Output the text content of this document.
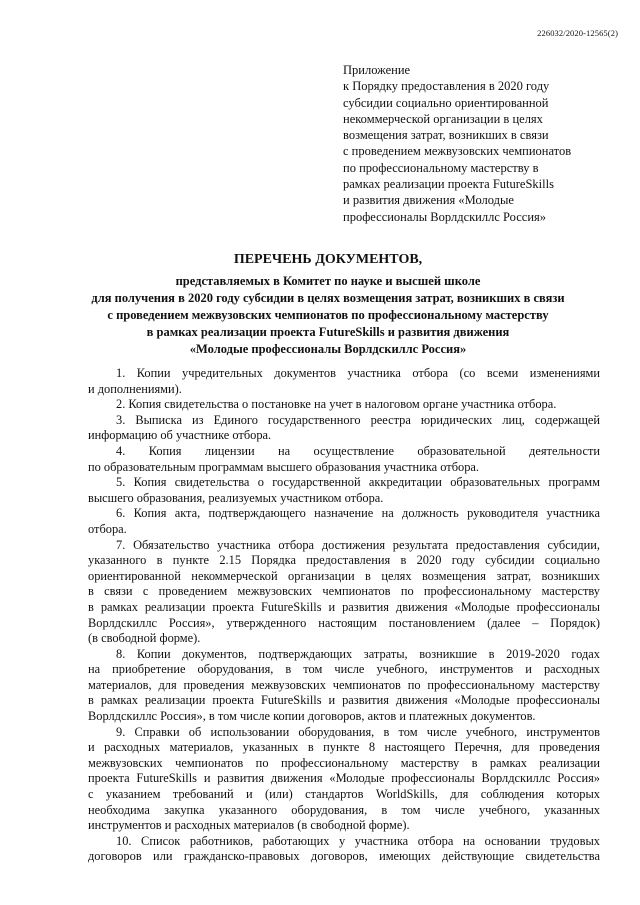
226032/2020-12565(2)
Приложение
к Порядку предоставления в 2020 году
субсидии социально ориентированной
некоммерческой организации в целях
возмещения затрат, возникших в связи
с проведением межвузовских чемпионатов
по профессиональному мастерству в
рамках реализации проекта FutureSkills
и развития движения «Молодые
профессионалы Ворлдскиллс Россия»
ПЕРЕЧЕНЬ ДОКУМЕНТОВ,
представляемых в Комитет по науке и высшей школе
для получения в 2020 году субсидии в целях возмещения затрат, возникших в связи
с проведением межвузовских чемпионатов по профессиональному мастерству
в рамках реализации проекта FutureSkills и развития движения
«Молодые профессионалы Ворлдскиллс Россия»
1. Копии учредительных документов участника отбора (со всеми изменениями
и дополнениями).
2. Копия свидетельства о постановке на учет в налоговом органе участника отбора.
3. Выписка из Единого государственного реестра юридических лиц, содержащей
информацию об участнике отбора.
4. Копия лицензии на осуществление образовательной деятельности
по образовательным программам высшего образования участника отбора.
5. Копия свидетельства о государственной аккредитации образовательных программ
высшего образования, реализуемых участником отбора.
6. Копия акта, подтверждающего назначение на должность руководителя участника
отбора.
7. Обязательство участника отбора достижения результата предоставления субсидии,
указанного в пункте 2.15 Порядка предоставления в 2020 году субсидии социально
ориентированной некоммерческой организации в целях возмещения затрат, возникших
в связи с проведением межвузовских чемпионатов по профессиональному мастерству
в рамках реализации проекта FutureSkills и развития движения «Молодые профессионалы
Ворлдскиллс Россия», утвержденного настоящим постановлением (далее – Порядок)
(в свободной форме).
8. Копии документов, подтверждающих затраты, возникшие в 2019-2020 годах
на приобретение оборудования, в том числе учебного, инструментов и расходных
материалов, для проведения межвузовских чемпионатов по профессиональному мастерству
в рамках реализации проекта FutureSkills и развития движения «Молодые профессионалы
Ворлдскиллс Россия», в том числе копии договоров, актов и платежных документов.
9. Справки об использовании оборудования, в том числе учебного, инструментов
и расходных материалов, указанных в пункте 8 настоящего Перечня, для проведения
межвузовских чемпионатов по профессиональному мастерству в рамках реализации
проекта FutureSkills и развития движения «Молодые профессионалы Ворлдскиллс Россия»
с указанием требований и (или) стандартов WorldSkills, для соблюдения которых
необходима закупка указанного оборудования, в том числе учебного, указанных
инструментов и расходных материалов (в свободной форме).
10. Список работников, работающих у участника отбора на основании трудовых
договоров или гражданско-правовых договоров, имеющих действующие свидетельства
